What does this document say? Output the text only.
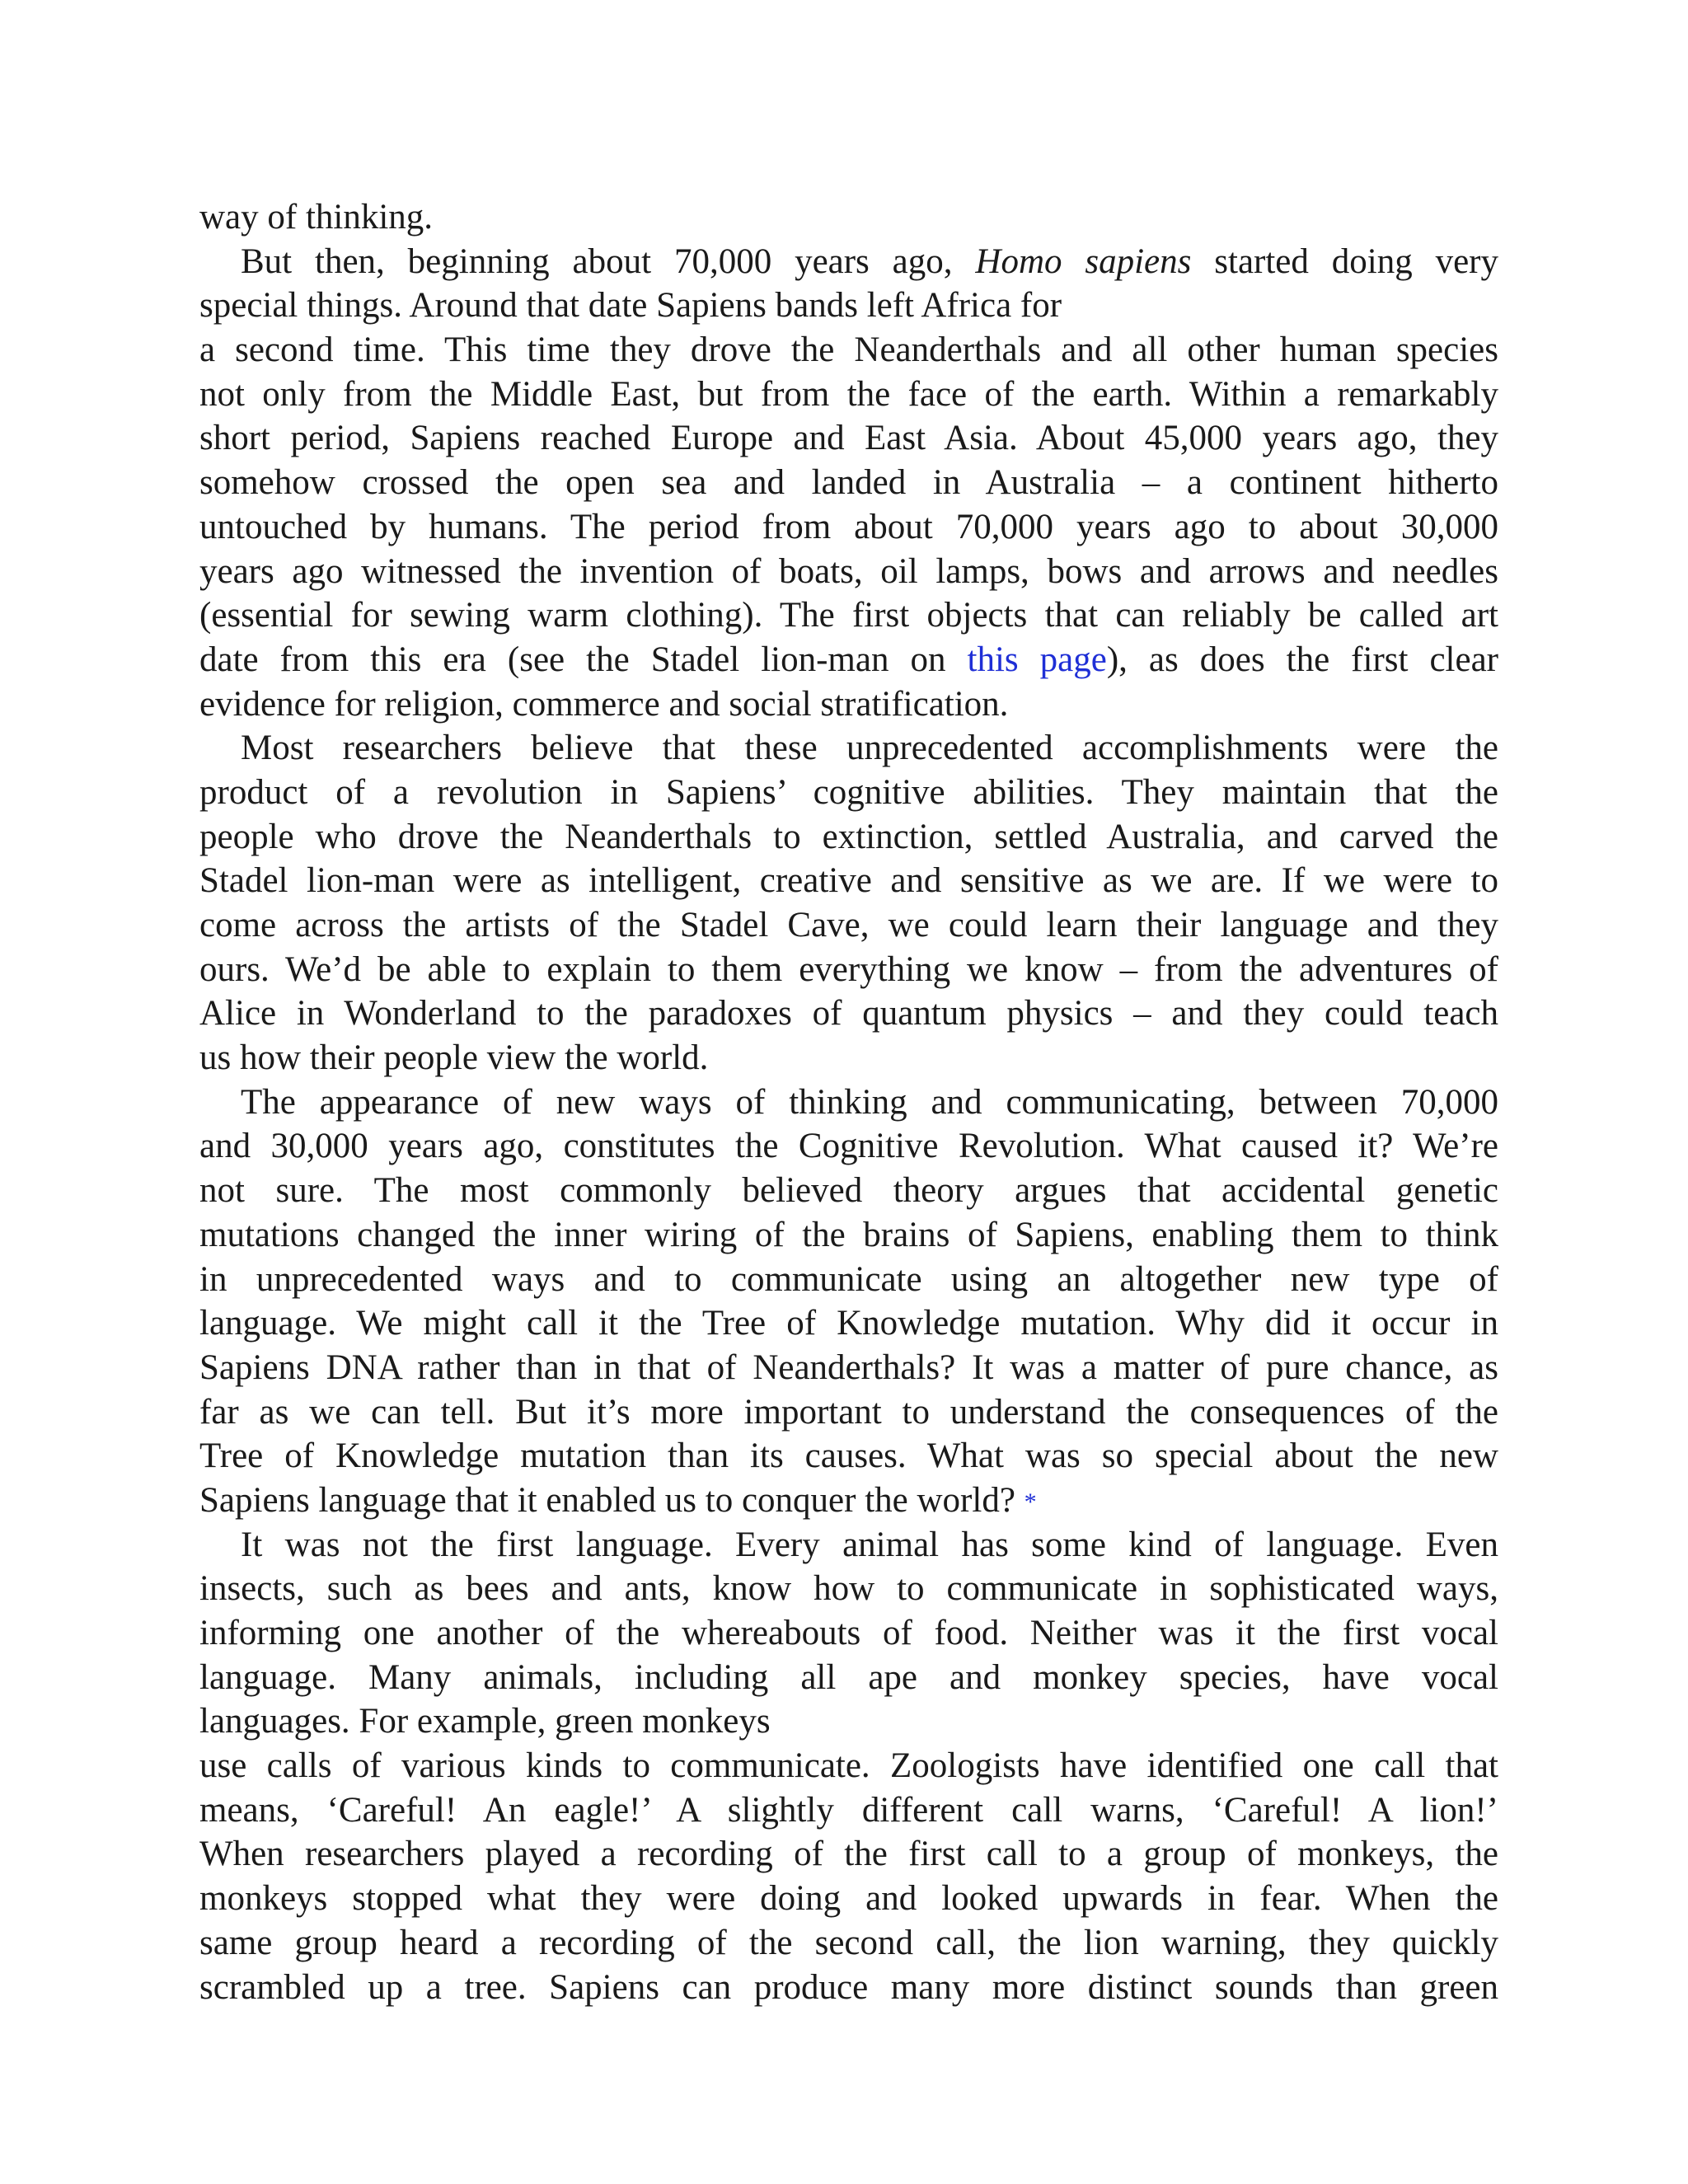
way of thinking.
But then, beginning about 70,000 years ago, Homo sapiens started doing very
special things. Around that date Sapiens bands left Africa for
a second time. This time they drove the Neanderthals and all other human species
not only from the Middle East, but from the face of the earth. Within a remarkably
short period, Sapiens reached Europe and East Asia. About 45,000 years ago, they
somehow crossed the open sea and landed in Australia – a continent hitherto
untouched by humans. The period from about 70,000 years ago to about 30,000
years ago witnessed the invention of boats, oil lamps, bows and arrows and needles
(essential for sewing warm clothing). The first objects that can reliably be called art
date from this era (see the Stadel lion-man on this page), as does the first clear
evidence for religion, commerce and social stratification.
Most researchers believe that these unprecedented accomplishments were the
product of a revolution in Sapiens’ cognitive abilities. They maintain that the
people who drove the Neanderthals to extinction, settled Australia, and carved the
Stadel lion-man were as intelligent, creative and sensitive as we are. If we were to
come across the artists of the Stadel Cave, we could learn their language and they
ours. We’d be able to explain to them everything we know – from the adventures of
Alice in Wonderland to the paradoxes of quantum physics – and they could teach
us how their people view the world.
The appearance of new ways of thinking and communicating, between 70,000
and 30,000 years ago, constitutes the Cognitive Revolution. What caused it? We’re
not sure. The most commonly believed theory argues that accidental genetic
mutations changed the inner wiring of the brains of Sapiens, enabling them to think
in unprecedented ways and to communicate using an altogether new type of
language. We might call it the Tree of Knowledge mutation. Why did it occur in
Sapiens DNA rather than in that of Neanderthals? It was a matter of pure chance, as
far as we can tell. But it’s more important to understand the consequences of the
Tree of Knowledge mutation than its causes. What was so special about the new
Sapiens language that it enabled us to conquer the world? *
It was not the first language. Every animal has some kind of language. Even
insects, such as bees and ants, know how to communicate in sophisticated ways,
informing one another of the whereabouts of food. Neither was it the first vocal
language. Many animals, including all ape and monkey species, have vocal
languages. For example, green monkeys
use calls of various kinds to communicate. Zoologists have identified one call that
means, ‘Careful! An eagle!’ A slightly different call warns, ‘Careful! A lion!’
When researchers played a recording of the first call to a group of monkeys, the
monkeys stopped what they were doing and looked upwards in fear. When the
same group heard a recording of the second call, the lion warning, they quickly
scrambled up a tree. Sapiens can produce many more distinct sounds than green
